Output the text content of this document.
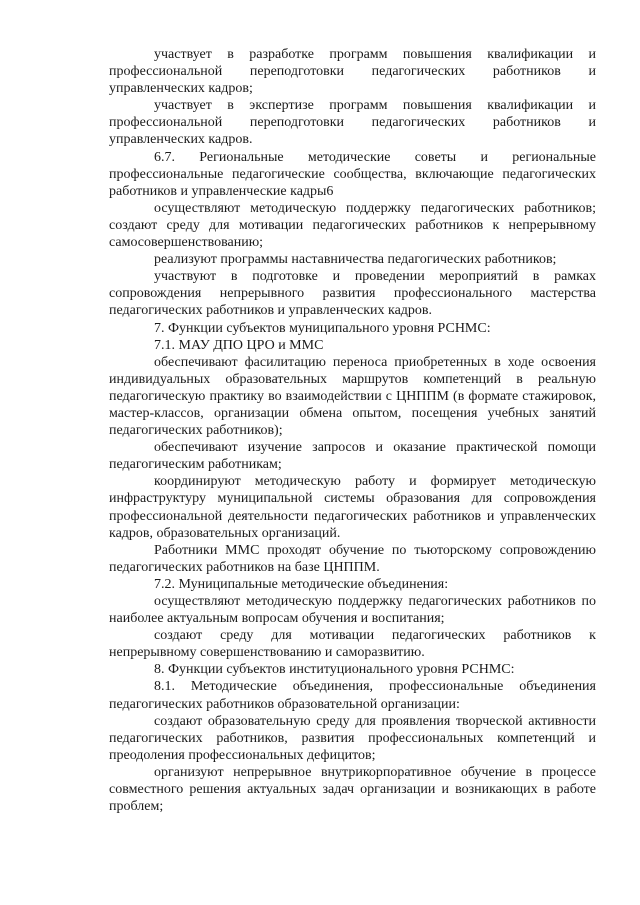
участвует в разработке программ повышения квалификации и профессиональной переподготовки педагогических работников и управленческих кадров;

участвует в экспертизе программ повышения квалификации и профессиональной переподготовки педагогических работников и управленческих кадров.

6.7. Региональные методические советы и региональные профессиональные педагогические сообщества, включающие педагогических работников и управленческие кадры6

осуществляют методическую поддержку педагогических работников; создают среду для мотивации педагогических работников к непрерывному самосовершенствованию;

реализуют программы наставничества педагогических работников;

участвуют в подготовке и проведении мероприятий в рамках сопровождения непрерывного развития профессионального мастерства педагогических работников и управленческих кадров.

7. Функции субъектов муниципального уровня РСНМС:

7.1. МАУ ДПО ЦРО и ММС

обеспечивают фасилитацию переноса приобретенных в ходе освоения индивидуальных образовательных маршрутов компетенций в реальную педагогическую практику во взаимодействии с ЦНППМ (в формате стажировок, мастер-классов, организации обмена опытом, посещения учебных занятий педагогических работников);

обеспечивают изучение запросов и оказание практической помощи педагогическим работникам;

координируют методическую работу и формирует методическую инфраструктуру муниципальной системы образования для сопровождения профессиональной деятельности педагогических работников и управленческих кадров, образовательных организаций.

Работники ММС проходят обучение по тьюторскому сопровождению педагогических работников на базе ЦНППМ.

7.2. Муниципальные методические объединения:

осуществляют методическую поддержку педагогических работников по наиболее актуальным вопросам обучения и воспитания;

создают среду для мотивации педагогических работников к непрерывному совершенствованию и саморазвитию.

8. Функции субъектов институционального уровня РСНМС:

8.1. Методические объединения, профессиональные объединения педагогических работников образовательной организации:

создают образовательную среду для проявления творческой активности педагогических работников, развития профессиональных компетенций и преодоления профессиональных дефицитов;

организуют непрерывное внутрикорпоративное обучение в процессе совместного решения актуальных задач организации и возникающих в работе проблем;
